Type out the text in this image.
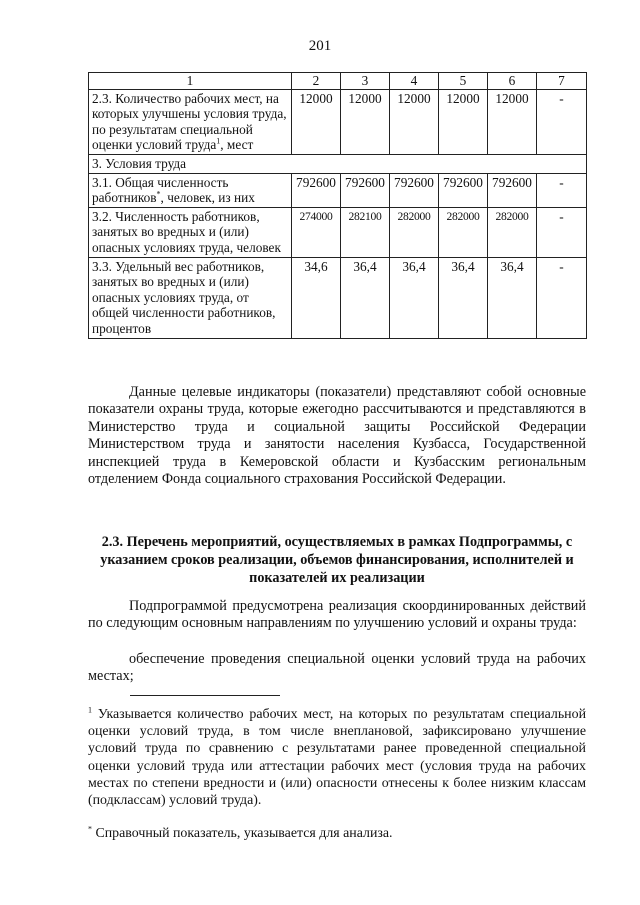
201
1	2	3	4	5	6	7
2.3. Количество рабочих мест, на которых улучшены условия труда, по результатам специальной оценки условий труда$^1$, мест	12000	12000	12000	12000	12000	-
3. Условия труда						
3.1. Общая численность работников*, человек, из них	792600	792600	792600	792600	792600	-
3.2. Численность работников, занятых во вредных и (или) опасных условиях труда, человек	274000	282100	282000	282000	282000	-
3.3. Удельный вес работников, занятых во вредных и (или) опасных условиях труда, от общей численности работников, процентов	34,6	36,4	36,4	36,4	36,4	-
Данные целевые индикаторы (показатели) представляют собой основные показатели охраны труда, которые ежегодно рассчитываются и представляются в Министерство труда и социальной защиты Российской Федерации Министерством труда и занятости населения Кузбасса, Государственной инспекцией труда в Кемеровской области и Кузбасским региональным отделением Фонда социального страхования Российской Федерации.
2.3. Перечень мероприятий, осуществляемых в рамках Подпрограммы, с указанием сроков реализации, объемов финансирования, исполнителей и показателей их реализации
Подпрограммой предусмотрена реализация скоординированных действий по следующим основным направлениям по улучшению условий и охраны труда:
обеспечение проведения специальной оценки условий труда на рабочих местах;
$^1$ Указывается количество рабочих мест, на которых по результатам специальной оценки условий труда, в том числе внеплановой, зафиксировано улучшение условий труда по сравнению с результатами ранее проведенной специальной оценки условий труда или аттестации рабочих мест (условия труда на рабочих местах по степени вредности и (или) опасности отнесены к более низким классам (подклассам) условий труда).
* Справочный показатель, указывается для анализа.
